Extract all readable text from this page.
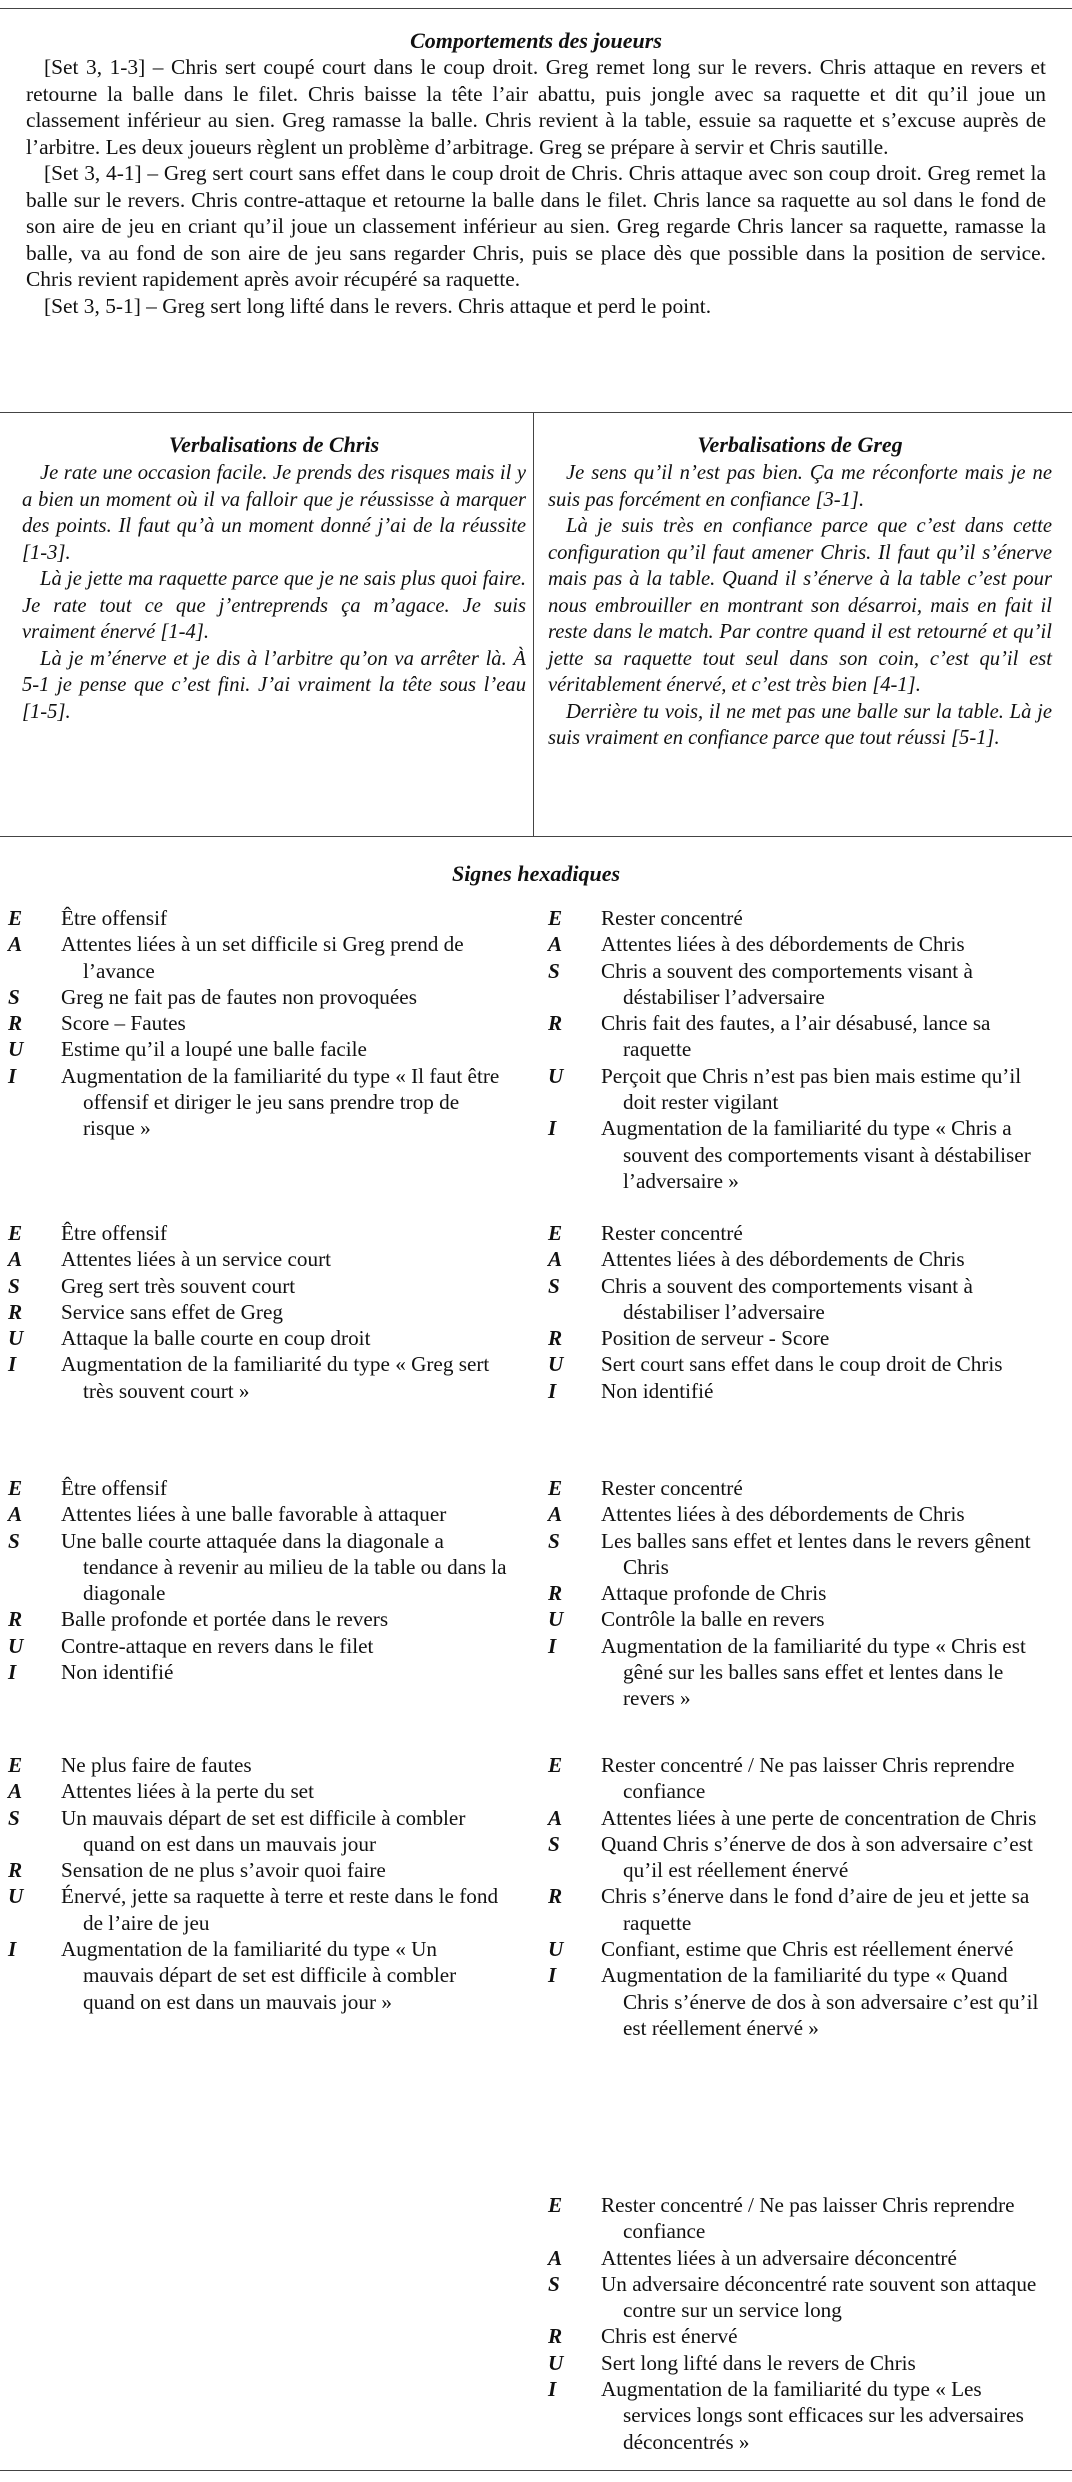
Comportements des joueurs

[Set 3, 1-3] – Chris sert coupé court dans le coup droit. Greg remet long sur le revers. Chris attaque en revers et retourne la balle dans le filet. Chris baisse la tête l’air abattu, puis jongle avec sa raquette et dit qu’il joue un classement inférieur au sien. Greg ramasse la balle. Chris revient à la table, essuie sa raquette et s’excuse auprès de l’arbitre. Les deux joueurs règlent un problème d’arbitrage. Greg se prépare à servir et Chris sautille.

[Set 3, 4-1] – Greg sert court sans effet dans le coup droit de Chris. Chris attaque avec son coup droit. Greg remet la balle sur le revers. Chris contre-attaque et retourne la balle dans le filet. Chris lance sa raquette au sol dans le fond de son aire de jeu en criant qu’il joue un classement inférieur au sien. Greg regarde Chris lancer sa raquette, ramasse la balle, va au fond de son aire de jeu sans regarder Chris, puis se place dès que possible dans la position de service. Chris revient rapidement après avoir récupéré sa raquette.

[Set 3, 5-1] – Greg sert long lifté dans le revers. Chris attaque et perd le point.

Verbalisations de Chris

Je rate une occasion facile. Je prends des risques mais il y a bien un moment où il va falloir que je réussisse à marquer des points. Il faut qu’à un moment donné j’ai de la réussite [1-3].

Là je jette ma raquette parce que je ne sais plus quoi faire. Je rate tout ce que j’entreprends ça m’agace. Je suis vraiment énervé [1-4].

Là je m’énerve et je dis à l’arbitre qu’on va arrêter là. À 5-1 je pense que c’est fini. J’ai vraiment la tête sous l’eau [1-5].

Verbalisations de Greg

Je sens qu’il n’est pas bien. Ça me réconforte mais je ne suis pas forcément en confiance [3-1].

Là je suis très en confiance parce que c’est dans cette configuration qu’il faut amener Chris. Il faut qu’il s’énerve mais pas à la table. Quand il s’énerve à la table c’est pour nous embrouiller en montrant son désarroi, mais en fait il reste dans le match. Par contre quand il est retourné et qu’il jette sa raquette tout seul dans son coin, c’est qu’il est véritablement énervé, et c’est très bien [4-1].

Derrière tu vois, il ne met pas une balle sur la table. Là je suis vraiment en confiance parce que tout réussi [5-1].

Signes hexadiques
E	Être offensif
A	Attentes liées à un set difficile si Greg prend de l’avance
S	Greg ne fait pas de fautes non provoquées
R	Score – Fautes
U	Estime qu’il a loupé une balle facile
I	Augmentation de la familiarité du type « Il faut être offensif et diriger le jeu sans prendre trop de risque »
E	Être offensif
A	Attentes liées à un service court
S	Greg sert très souvent court
R	Service sans effet de Greg
U	Attaque la balle courte en coup droit
I	Augmentation de la familiarité du type « Greg sert très souvent court »
E	Être offensif
A	Attentes liées à une balle favorable à attaquer
S	Une balle courte attaquée dans la diagonale a tendance à revenir au milieu de la table ou dans la diagonale
R	Balle profonde et portée dans le revers
U	Contre-attaque en revers dans le filet
I	Non identifié
E	Ne plus faire de fautes
A	Attentes liées à la perte du set
S	Un mauvais départ de set est difficile à combler quand on est dans un mauvais jour
R	Sensation de ne plus s’avoir quoi faire
U	Énervé, jette sa raquette à terre et reste dans le fond de l’aire de jeu
I	Augmentation de la familiarité du type « Un mauvais départ de set est difficile à combler quand on est dans un mauvais jour »
E	Rester concentré
A	Attentes liées à des débordements de Chris
S	Chris a souvent des comportements visant à déstabiliser l’adversaire
R	Chris fait des fautes, a l’air désabusé, lance sa raquette
U	Perçoit que Chris n’est pas bien mais estime qu’il doit rester vigilant
I	Augmentation de la familiarité du type « Chris a souvent des comportements visant à déstabiliser l’adversaire »
E	Rester concentré
A	Attentes liées à des débordements de Chris
S	Chris a souvent des comportements visant à déstabiliser l’adversaire
R	Position de serveur - Score
U	Sert court sans effet dans le coup droit de Chris
I	Non identifié
E	Rester concentré
A	Attentes liées à des débordements de Chris
S	Les balles sans effet et lentes dans le revers gênent Chris
R	Attaque profonde de Chris
U	Contrôle la balle en revers
I	Augmentation de la familiarité du type « Chris est gêné sur les balles sans effet et lentes dans le revers »
E	Rester concentré / Ne pas laisser Chris reprendre confiance
A	Attentes liées à une perte de concentration de Chris
S	Quand Chris s’énerve de dos à son adversaire c’est qu’il est réellement énervé
R	Chris s’énerve dans le fond d’aire de jeu et jette sa raquette
U	Confiant, estime que Chris est réellement énervé
I	Augmentation de la familiarité du type « Quand Chris s’énerve de dos à son adversaire c’est qu’il est réellement énervé »
E	Rester concentré / Ne pas laisser Chris reprendre confiance
A	Attentes liées à un adversaire déconcentré
S	Un adversaire déconcentré rate souvent son attaque contre sur un service long
R	Chris est énervé
U	Sert long lifté dans le revers de Chris
I	Augmentation de la familiarité du type « Les services longs sont efficaces sur les adversaires déconcentrés »
